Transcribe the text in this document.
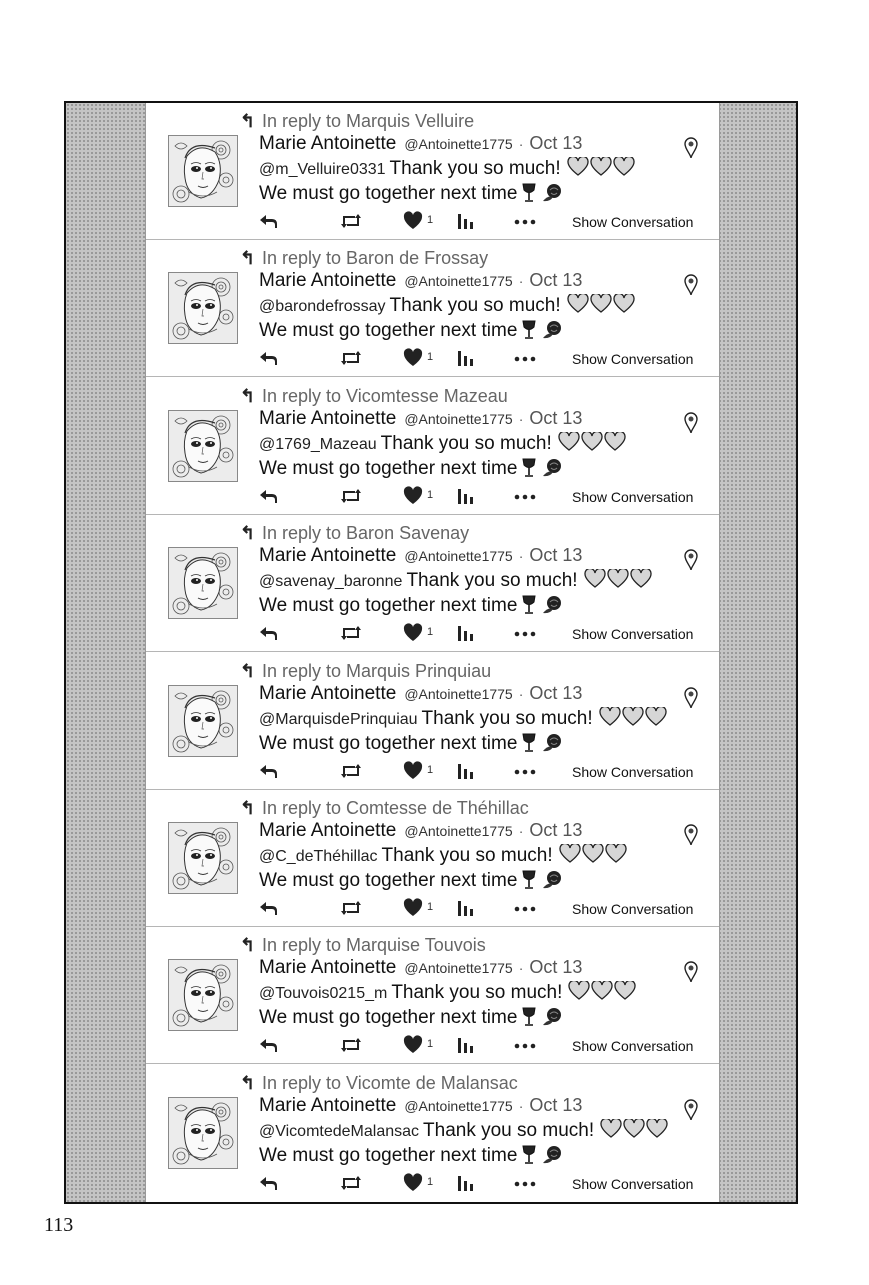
↰ In reply to Marquis Velluire
Marie Antoinette @Antoinette1775 · Oct 13
@m_Velluire0331 Thank you so much!
We must go together next time
1	Show Conversation
↰ In reply to Baron de Frossay
Marie Antoinette @Antoinette1775 · Oct 13
@barondefrossay Thank you so much!
We must go together next time
1	Show Conversation
↰ In reply to Vicomtesse Mazeau
Marie Antoinette @Antoinette1775 · Oct 13
@1769_Mazeau Thank you so much!
We must go together next time
1	Show Conversation
↰ In reply to Baron Savenay
Marie Antoinette @Antoinette1775 · Oct 13
@savenay_baronne Thank you so much!
We must go together next time
1	Show Conversation
↰ In reply to Marquis Prinquiau
Marie Antoinette @Antoinette1775 · Oct 13
@MarquisdePrinquiau Thank you so much!
We must go together next time
1	Show Conversation
↰ In reply to Comtesse de Théhillac
Marie Antoinette @Antoinette1775 · Oct 13
@C_deThéhillac Thank you so much!
We must go together next time
1	Show Conversation
↰ In reply to Marquise Touvois
Marie Antoinette @Antoinette1775 · Oct 13
@Touvois0215_m Thank you so much!
We must go together next time
1	Show Conversation
↰ In reply to Vicomte de Malansac
Marie Antoinette @Antoinette1775 · Oct 13
@VicomtedeMalansac Thank you so much!
We must go together next time
1	Show Conversation
113
